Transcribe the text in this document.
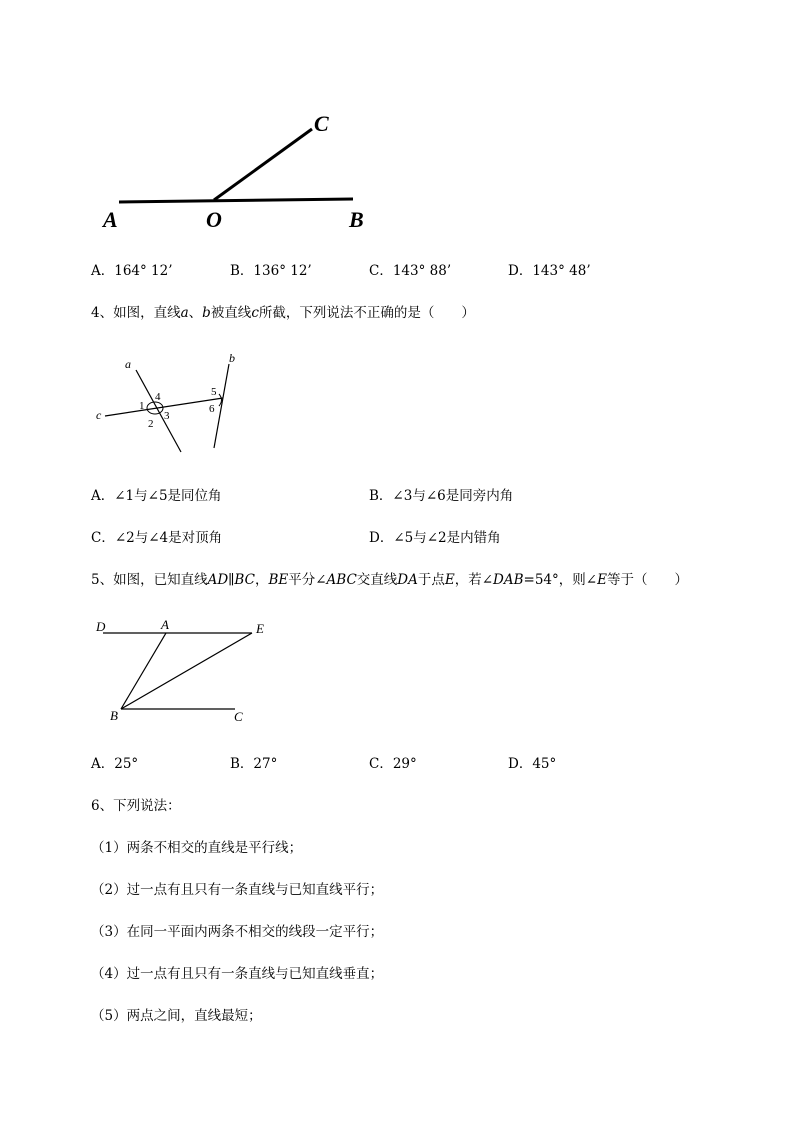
A	O	B
C
A．164° 12’	B．136° 12’	C．143° 88’	D．143° 48’
4、如图，直线a、b被直线c所截，下列说法不正确的是（　　）
a	b
c
1
4
2
3
5
6
A．∠1与∠5是同位角	B．∠3与∠6是同旁内角
C．∠2与∠4是对顶角	D．∠5与∠2是内错角
5、如图，已知直线AD∥BC，BE平分∠ABC交直线DA于点E，若∠DAB=54°，则∠E等于（　　）
D	A	E
B	C
A．25°	B．27°	C．29°	D．45°
6、下列说法：
（1）两条不相交的直线是平行线；
（2）过一点有且只有一条直线与已知直线平行；
（3）在同一平面内两条不相交的线段一定平行；
（4）过一点有且只有一条直线与已知直线垂直；
（5）两点之间，直线最短；
